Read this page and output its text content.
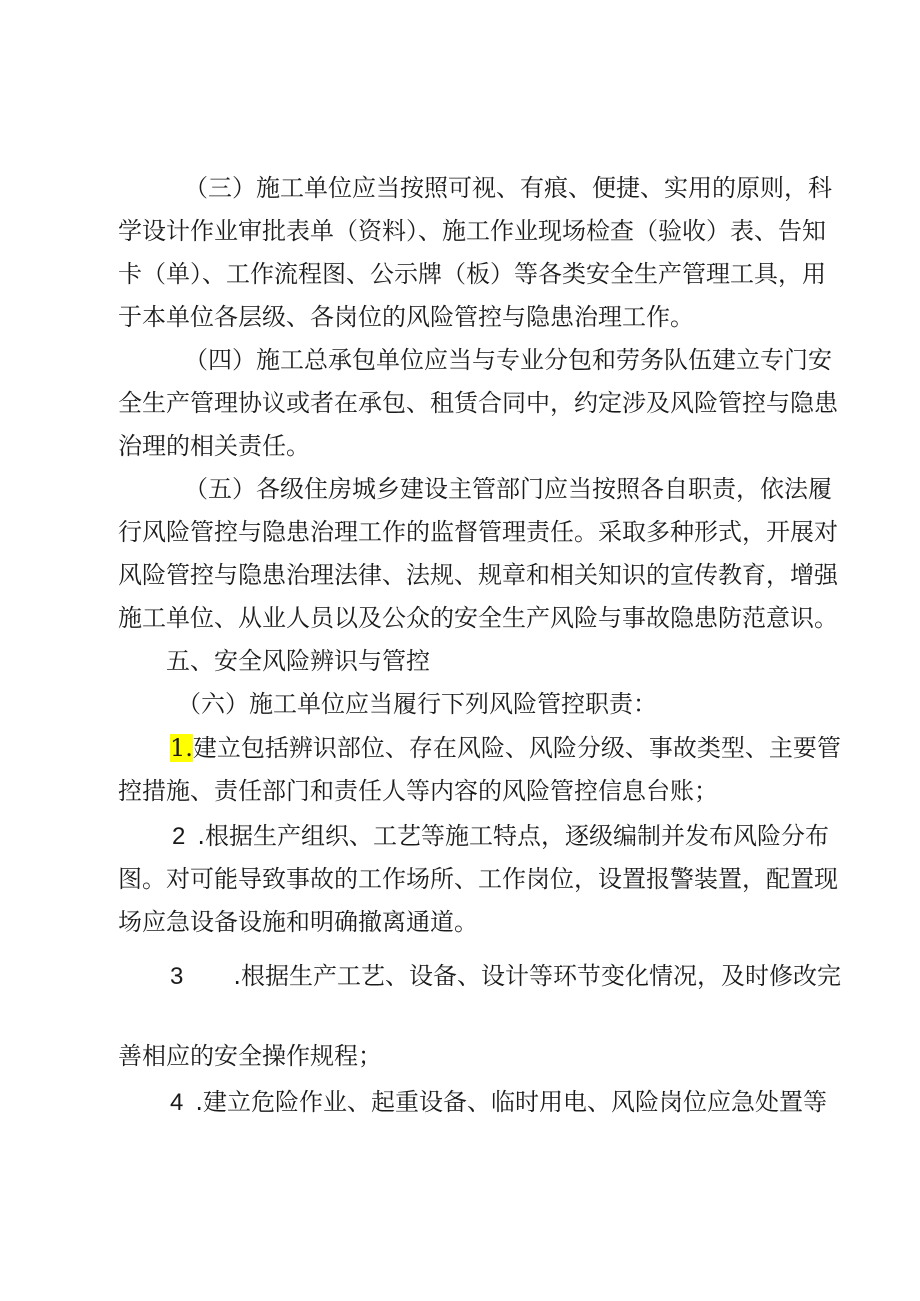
（三）施工单位应当按照可视、有痕、便捷、实用的原则，科
学设计作业审批表单（资料）、施工作业现场检查（验收）表、告知
卡（单）、工作流程图、公示牌（板）等各类安全生产管理工具，用
于本单位各层级、各岗位的风险管控与隐患治理工作。
（四）施工总承包单位应当与专业分包和劳务队伍建立专门安
全生产管理协议或者在承包、租赁合同中，约定涉及风险管控与隐患
治理的相关责任。
（五）各级住房城乡建设主管部门应当按照各自职责，依法履
行风险管控与隐患治理工作的监督管理责任。采取多种形式，开展对
风险管控与隐患治理法律、法规、规章和相关知识的宣传教育，增强
施工单位、从业人员以及公众的安全生产风险与事故隐患防范意识。
五、安全风险辨识与管控
（六）施工单位应当履行下列风险管控职责：
1.建立包括辨识部位、存在风险、风险分级、事故类型、主要管
控措施、责任部门和责任人等内容的风险管控信息台账；
2 .根据生产组织、工艺等施工特点，逐级编制并发布风险分布
图。对可能导致事故的工作场所、工作岗位，设置报警装置，配置现
场应急设备设施和明确撤离通道。
3 .根据生产工艺、设备、设计等环节变化情况，及时修改完
善相应的安全操作规程；
4 .建立危险作业、起重设备、临时用电、风险岗位应急处置等
